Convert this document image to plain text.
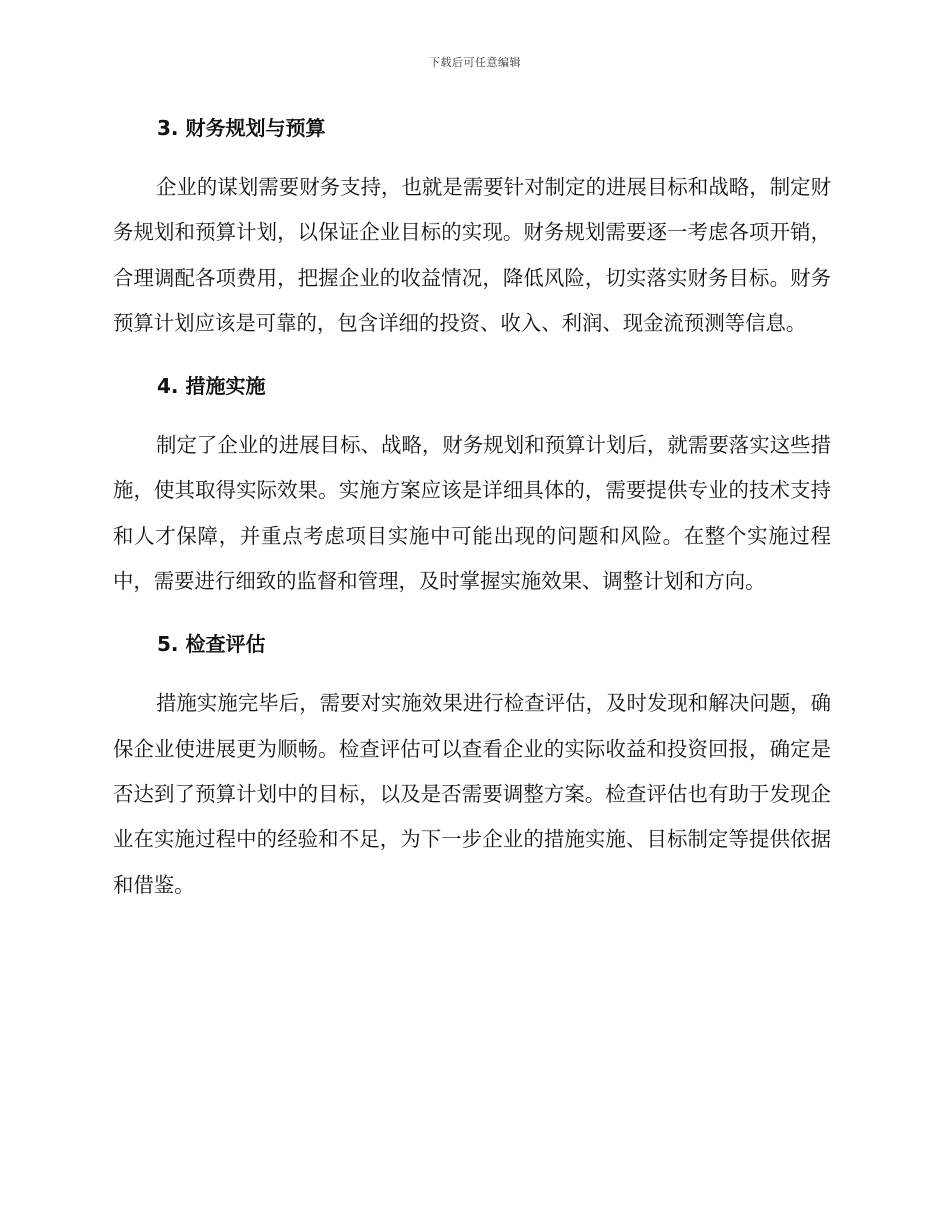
下载后可任意编辑
3. 财务规划与预算

企业的谋划需要财务支持，也就是需要针对制定的进展目标和战略，制定财务规划和预算计划，以保证企业目标的实现。财务规划需要逐一考虑各项开销，合理调配各项费用，把握企业的收益情况，降低风险，切实落实财务目标。财务预算计划应该是可靠的，包含详细的投资、收入、利润、现金流预测等信息。

4. 措施实施

制定了企业的进展目标、战略，财务规划和预算计划后，就需要落实这些措施，使其取得实际效果。实施方案应该是详细具体的，需要提供专业的技术支持和人才保障，并重点考虑项目实施中可能出现的问题和风险。在整个实施过程中，需要进行细致的监督和管理，及时掌握实施效果、调整计划和方向。

5. 检查评估

措施实施完毕后，需要对实施效果进行检查评估，及时发现和解决问题，确保企业使进展更为顺畅。检查评估可以查看企业的实际收益和投资回报，确定是否达到了预算计划中的目标，以及是否需要调整方案。检查评估也有助于发现企业在实施过程中的经验和不足，为下一步企业的措施实施、目标制定等提供依据和借鉴。
